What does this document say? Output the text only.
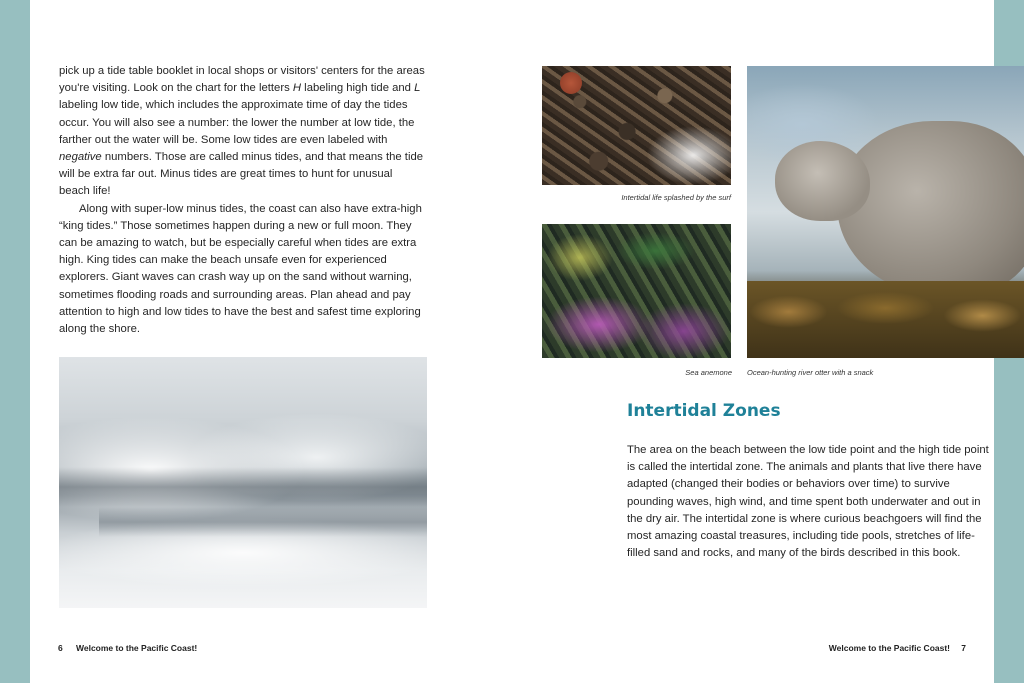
pick up a tide table booklet in local shops or visitors' centers for the areas you're visiting. Look on the chart for the letters H labeling high tide and L labeling low tide, which includes the approximate time of day the tides occur. You will also see a number: the lower the number at low tide, the farther out the water will be. Some low tides are even labeled with negative numbers. Those are called minus tides, and that means the tide will be extra far out. Minus tides are great times to hunt for unusual beach life!

Along with super-low minus tides, the coast can also have extra-high “king tides.” Those sometimes happen during a new or full moon. They can be amazing to watch, but be especially careful when tides are extra high. King tides can make the beach unsafe even for experienced explorers. Giant waves can crash way up on the sand without warning, sometimes flooding roads and surrounding areas. Plan ahead and pay attention to high and low tides to have the best and safest time exploring along the shore.

6 Welcome to the Pacific Coast!

Intertidal life splashed by the surf

Sea anemone Ocean-hunting river otter with a snack

Intertidal Zones

The area on the beach between the low tide point and the high tide point is called the intertidal zone. The animals and plants that live there have adapted (changed their bodies or behaviors over time) to survive pounding waves, high wind, and time spent both underwater and out in the dry air. The intertidal zone is where curious beachgoers will find the most amazing coastal treasures, including tide pools, stretches of life-filled sand and rocks, and many of the birds described in this book.

Welcome to the Pacific Coast! 7
